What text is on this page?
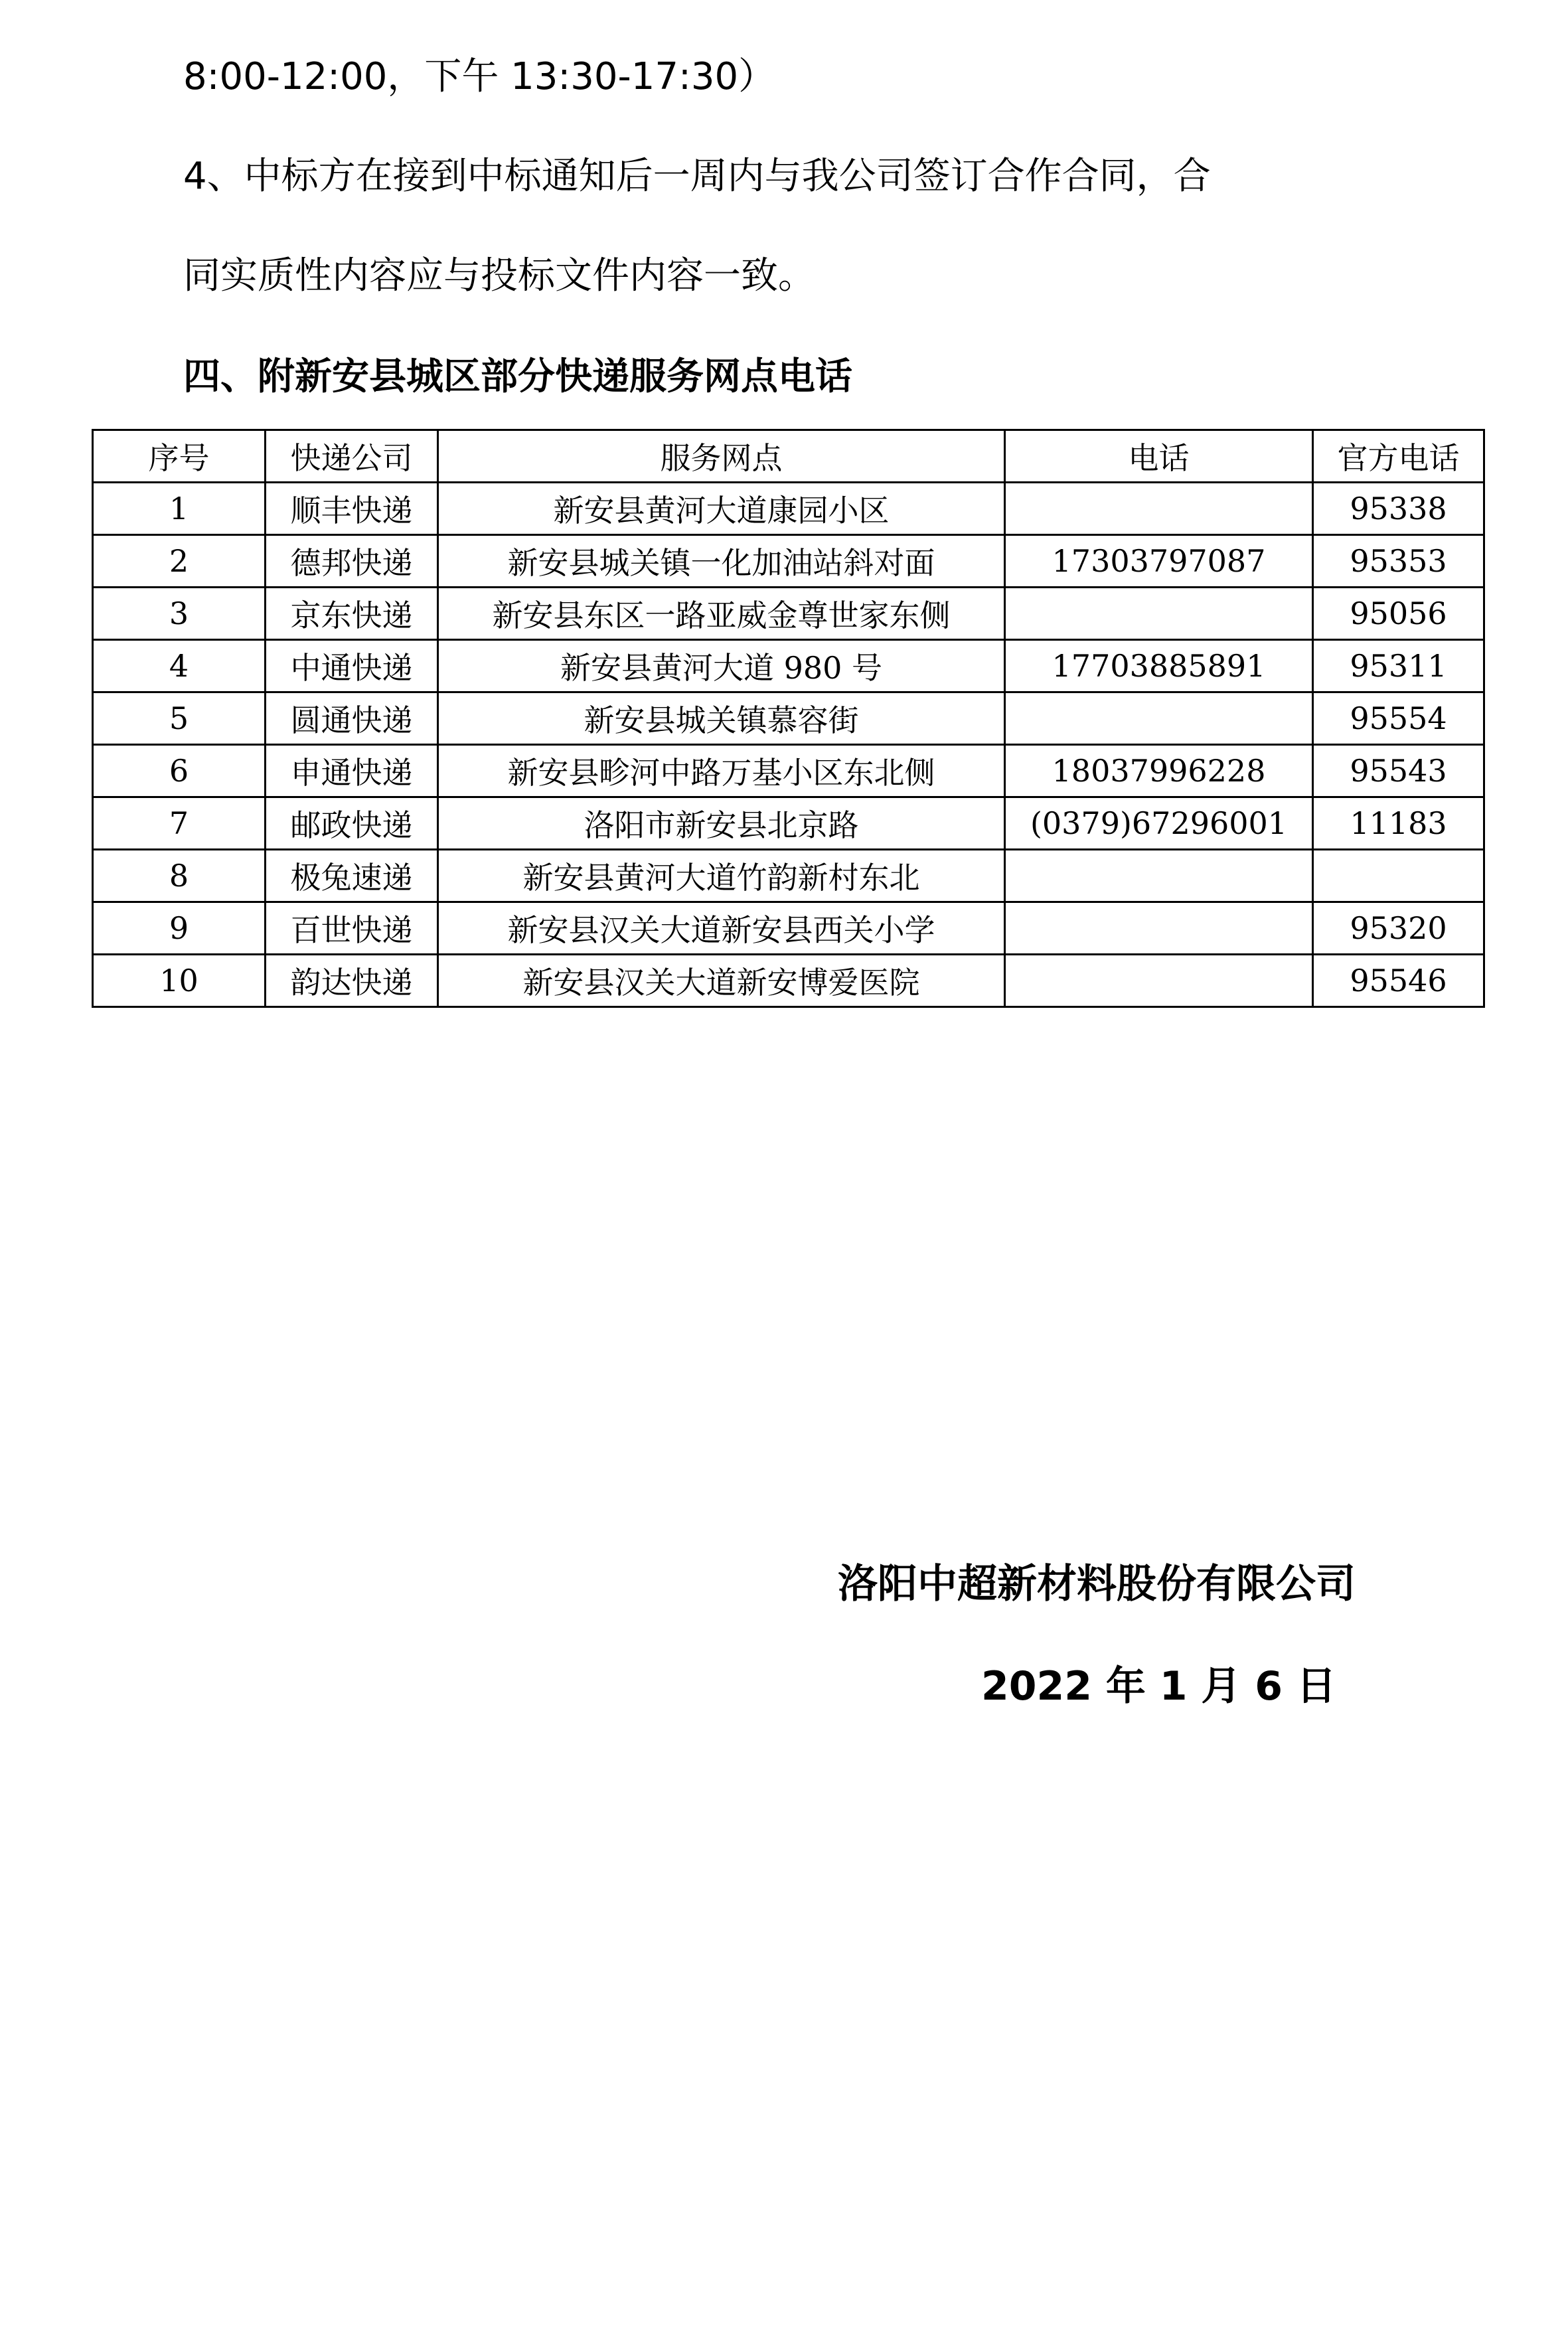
8:00-12:00，下午 13:30-17:30）
4、中标方在接到中标通知后一周内与我公司签订合作合同，合
同实质性内容应与投标文件内容一致。
四、附新安县城区部分快递服务网点电话
序号	快递公司	服务网点	电话	官方电话
1	顺丰快递	新安县黄河大道康园小区		95338
2	德邦快递	新安县城关镇一化加油站斜对面	17303797087	95353
3	京东快递	新安县东区一路亚威金尊世家东侧		95056
4	中通快递	新安县黄河大道 980 号	17703885891	95311
5	圆通快递	新安县城关镇慕容街		95554
6	申通快递	新安县畛河中路万基小区东北侧	18037996228	95543
7	邮政快递	洛阳市新安县北京路	(0379)67296001	11183
8	极兔速递	新安县黄河大道竹韵新村东北		
9	百世快递	新安县汉关大道新安县西关小学		95320
10	韵达快递	新安县汉关大道新安博爱医院		95546
洛阳中超新材料股份有限公司
2022 年 1 月 6 日
